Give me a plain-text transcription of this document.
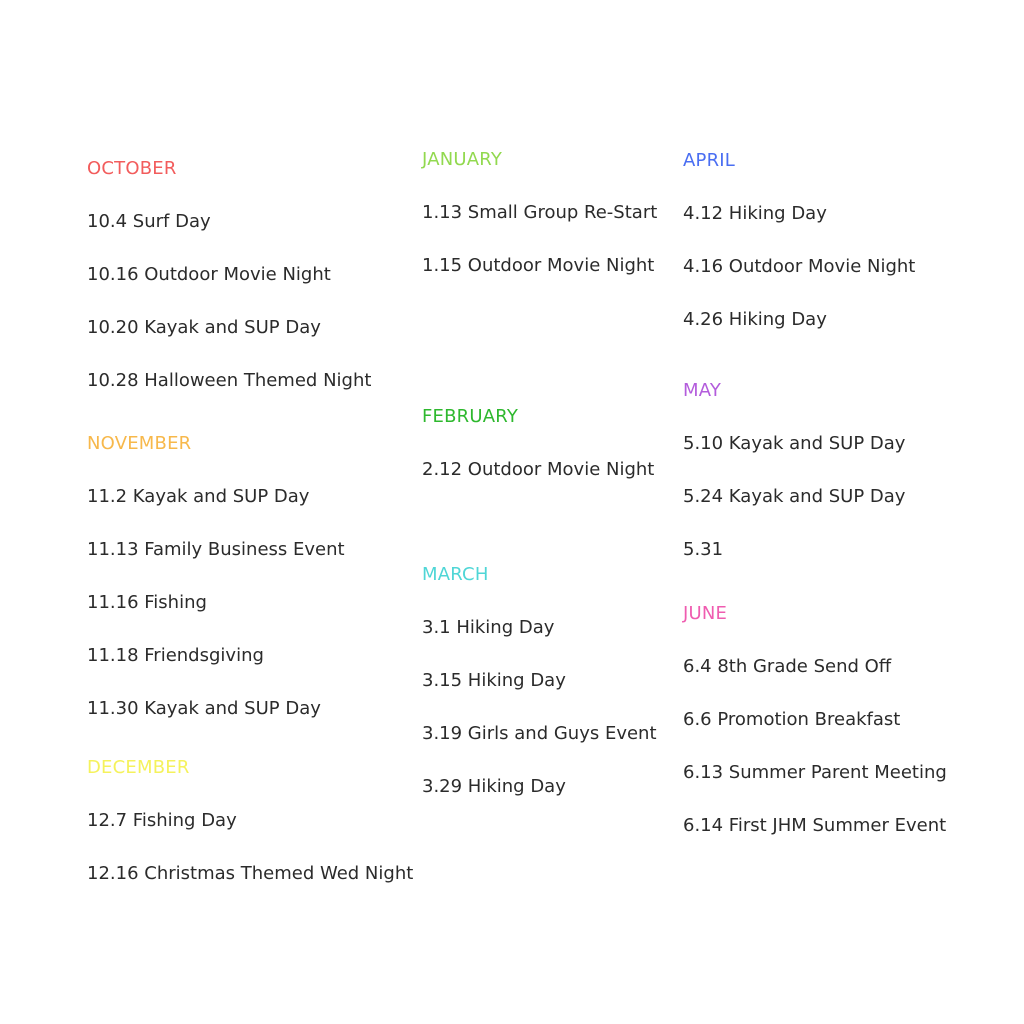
OCTOBER
10.4 Surf Day
10.16 Outdoor Movie Night
10.20 Kayak and SUP Day
10.28 Halloween Themed Night
NOVEMBER
11.2 Kayak and SUP Day
11.13 Family Business Event
11.16 Fishing
11.18 Friendsgiving
11.30 Kayak and SUP Day
DECEMBER
12.7 Fishing Day
12.16 Christmas Themed Wed Night
JANUARY
1.13 Small Group Re-Start
1.15 Outdoor Movie Night
FEBRUARY
2.12 Outdoor Movie Night
MARCH
3.1 Hiking Day
3.15 Hiking Day
3.19 Girls and Guys Event
3.29 Hiking Day
APRIL
4.12 Hiking Day
4.16 Outdoor Movie Night
4.26 Hiking Day
MAY
5.10 Kayak and SUP Day
5.24 Kayak and SUP Day
5.31
JUNE
6.4 8th Grade Send Off
6.6 Promotion Breakfast
6.13 Summer Parent Meeting
6.14 First JHM Summer Event
